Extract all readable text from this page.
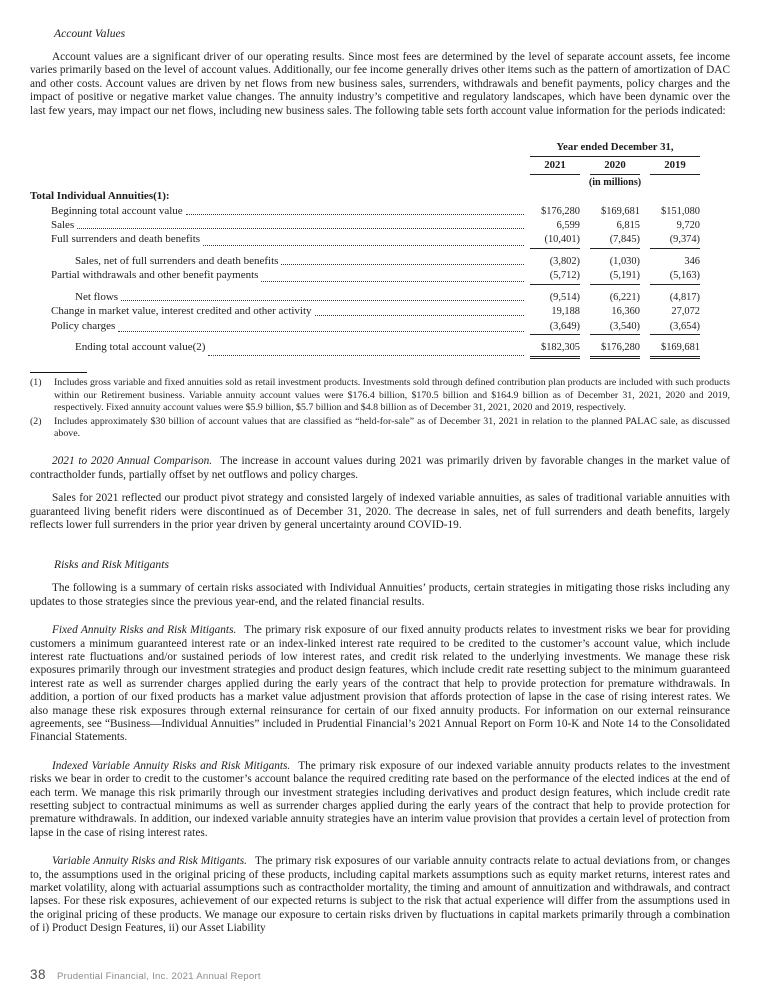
Account Values

Account values are a significant driver of our operating results. Since most fees are determined by the level of separate account assets, fee income varies primarily based on the level of account values. Additionally, our fee income generally drives other items such as the pattern of amortization of DAC and other costs. Account values are driven by net flows from new business sales, surrenders, withdrawals and benefit payments, policy charges and the impact of positive or negative market value changes. The annuity industry’s competitive and regulatory landscapes, which have been dynamic over the last few years, may impact our net flows, including new business sales. The following table sets forth account value information for the periods indicated:

Year ended December 31,
2021	2020	2019
(in millions)
Total Individual Annuities(1):
Beginning total account value	$176,280	$169,681	$151,080
Sales	6,599	6,815	9,720
Full surrenders and death benefits	(10,401)	(7,845)	(9,374)
Sales, net of full surrenders and death benefits	(3,802)	(1,030)	346
Partial withdrawals and other benefit payments	(5,712)	(5,191)	(5,163)
Net flows	(9,514)	(6,221)	(4,817)
Change in market value, interest credited and other activity	19,188	16,360	27,072
Policy charges	(3,649)	(3,540)	(3,654)
Ending total account value(2)	$182,305	$176,280	$169,681
(1)	Includes gross variable and fixed annuities sold as retail investment products. Investments sold through defined contribution plan products are included with such products within our Retirement business. Variable annuity account values were $176.4 billion, $170.5 billion and $164.9 billion as of December 31, 2021, 2020 and 2019, respectively. Fixed annuity account values were $5.9 billion, $5.7 billion and $4.8 billion as of December 31, 2021, 2020 and 2019, respectively.
(2)	Includes approximately $30 billion of account values that are classified as “held-for-sale” as of December 31, 2021 in relation to the planned PALAC sale, as discussed above.

2021 to 2020 Annual Comparison. The increase in account values during 2021 was primarily driven by favorable changes in the market value of contractholder funds, partially offset by net outflows and policy charges.

Sales for 2021 reflected our product pivot strategy and consisted largely of indexed variable annuities, as sales of traditional variable annuities with guaranteed living benefit riders were discontinued as of December 31, 2020. The decrease in sales, net of full surrenders and death benefits, largely reflects lower full surrenders in the prior year driven by general uncertainty around COVID-19.

Risks and Risk Mitigants

The following is a summary of certain risks associated with Individual Annuities’ products, certain strategies in mitigating those risks including any updates to those strategies since the previous year-end, and the related financial results.

Fixed Annuity Risks and Risk Mitigants. The primary risk exposure of our fixed annuity products relates to investment risks we bear for providing customers a minimum guaranteed interest rate or an index-linked interest rate required to be credited to the customer’s account value, which include interest rate fluctuations and/or sustained periods of low interest rates, and credit risk related to the underlying investments. We manage these risk exposures primarily through our investment strategies and product design features, which include credit rate resetting subject to the minimum guaranteed interest rate as well as surrender charges applied during the early years of the contract that help to provide protection for premature withdrawals. In addition, a portion of our fixed products has a market value adjustment provision that affords protection of lapse in the case of rising interest rates. We also manage these risk exposures through external reinsurance for certain of our fixed annuity products. For information on our external reinsurance agreements, see “Business—Individual Annuities” included in Prudential Financial’s 2021 Annual Report on Form 10-K and Note 14 to the Consolidated Financial Statements.

Indexed Variable Annuity Risks and Risk Mitigants. The primary risk exposure of our indexed variable annuity products relates to the investment risks we bear in order to credit to the customer’s account balance the required crediting rate based on the performance of the elected indices at the end of each term. We manage this risk primarily through our investment strategies including derivatives and product design features, which include credit rate resetting subject to contractual minimums as well as surrender charges applied during the early years of the contract that help to provide protection for premature withdrawals. In addition, our indexed variable annuity strategies have an interim value provision that provides a certain level of protection from lapse in the case of rising interest rates.

Variable Annuity Risks and Risk Mitigants. The primary risk exposures of our variable annuity contracts relate to actual deviations from, or changes to, the assumptions used in the original pricing of these products, including capital markets assumptions such as equity market returns, interest rates and market volatility, along with actuarial assumptions such as contractholder mortality, the timing and amount of annuitization and withdrawals, and contract lapses. For these risk exposures, achievement of our expected returns is subject to the risk that actual experience will differ from the assumptions used in the original pricing of these products. We manage our exposure to certain risks driven by fluctuations in capital markets primarily through a combination of i) Product Design Features, ii) our Asset Liability

38 Prudential Financial, Inc. 2021 Annual Report
